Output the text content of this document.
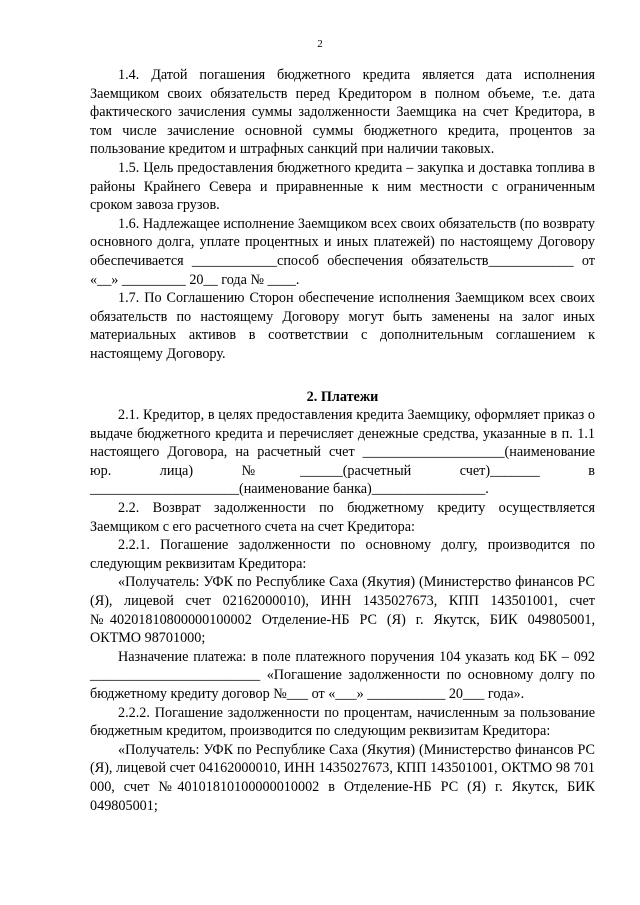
2

1.4. Датой погашения бюджетного кредита является дата исполнения Заемщиком своих обязательств перед Кредитором в полном объеме, т.е. дата фактического зачисления суммы задолженности Заемщика на счет Кредитора, в том числе зачисление основной суммы бюджетного кредита, процентов за пользование кредитом и штрафных санкций при наличии таковых.

1.5. Цель предоставления бюджетного кредита – закупка и доставка топлива в районы Крайнего Севера и приравненные к ним местности с ограниченным сроком завоза грузов.

1.6. Надлежащее исполнение Заемщиком всех своих обязательств (по возврату основного долга, уплате процентных и иных платежей) по настоящему Договору обеспечивается ____________способ обеспечения обязательств____________ от «__» _________ 20__ года № ____.

1.7. По Соглашению Сторон обеспечение исполнения Заемщиком всех своих обязательств по настоящему Договору могут быть заменены на залог иных материальных активов в соответствии с дополнительным соглашением к настоящему Договору.

2. Платежи

2.1. Кредитор, в целях предоставления кредита Заемщику, оформляет приказ о выдаче бюджетного кредита и перечисляет денежные средства, указанные в п. 1.1 настоящего Договора, на расчетный счет ____________________(наименование юр. лица) №______(расчетный счет)_______ в _____________________(наименование банка)________________.

2.2. Возврат задолженности по бюджетному кредиту осуществляется Заемщиком с его расчетного счета на счет Кредитора:

2.2.1. Погашение задолженности по основному долгу, производится по следующим реквизитам Кредитора:

«Получатель: УФК по Республике Саха (Якутия) (Министерство финансов РС (Я), лицевой счет 02162000010), ИНН 1435027673, КПП 143501001, счет №40201810800000100002 Отделение-НБ РС (Я) г. Якутск, БИК 049805001, ОКТМО 98701000;

Назначение платежа: в поле платежного поручения 104 указать код БК – 092 ________________________ «Погашение задолженности по основному долгу по бюджетному кредиту договор №___ от «___» ___________ 20___ года».

2.2.2. Погашение задолженности по процентам, начисленным за пользование бюджетным кредитом, производится по следующим реквизитам Кредитора:

«Получатель: УФК по Республике Саха (Якутия) (Министерство финансов РС (Я), лицевой счет 04162000010, ИНН 1435027673, КПП 143501001, ОКТМО 98 701 000, счет №40101810100000010002 в Отделение-НБ РС (Я) г. Якутск, БИК 049805001;
